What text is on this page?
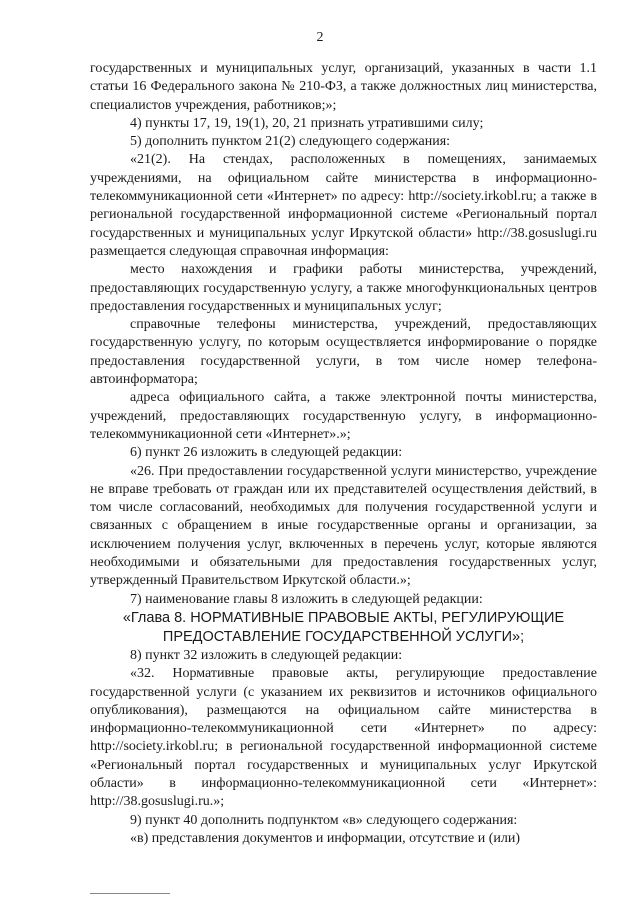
2

государственных и муниципальных услуг, организаций, указанных в части 1.1 статьи 16 Федерального закона № 210-ФЗ, а также должностных лиц министерства, специалистов учреждения, работников;»;

4) пункты 17, 19, 19(1), 20, 21 признать утратившими силу;

5) дополнить пунктом 21(2) следующего содержания:

«21(2). На стендах, расположенных в помещениях, занимаемых учреждениями, на официальном сайте министерства в информационно-телекоммуникационной сети «Интернет» по адресу: http://society.irkobl.ru; а также в региональной государственной информационной системе «Региональный портал государственных и муниципальных услуг Иркутской области» http://38.gosuslugi.ru размещается следующая справочная информация:

место нахождения и графики работы министерства, учреждений, предоставляющих государственную услугу, а также многофункциональных центров предоставления государственных и муниципальных услуг;

справочные телефоны министерства, учреждений, предоставляющих государственную услугу, по которым осуществляется информирование о порядке предоставления государственной услуги, в том числе номер телефона-автоинформатора;

адреса официального сайта, а также электронной почты министерства, учреждений, предоставляющих государственную услугу, в информационно-телекоммуникационной сети «Интернет».»;

6) пункт 26 изложить в следующей редакции:

«26. При предоставлении государственной услуги министерство, учреждение не вправе требовать от граждан или их представителей осуществления действий, в том числе согласований, необходимых для получения государственной услуги и связанных с обращением в иные государственные органы и организации, за исключением получения услуг, включенных в перечень услуг, которые являются необходимыми и обязательными для предоставления государственных услуг, утвержденный Правительством Иркутской области.»;

7) наименование главы 8 изложить в следующей редакции:

«Глава 8. НОРМАТИВНЫЕ ПРАВОВЫЕ АКТЫ, РЕГУЛИРУЮЩИЕ ПРЕДОСТАВЛЕНИЕ ГОСУДАРСТВЕННОЙ УСЛУГИ»;

8) пункт 32 изложить в следующей редакции:

«32. Нормативные правовые акты, регулирующие предоставление государственной услуги (с указанием их реквизитов и источников официального опубликования), размещаются на официальном сайте министерства в информационно-телекоммуникационной сети «Интернет» по адресу: http://society.irkobl.ru; в региональной государственной информационной системе «Региональный портал государственных и муниципальных услуг Иркутской области» в информационно-телекоммуникационной сети «Интернет»: http://38.gosuslugi.ru.»;

9) пункт 40 дополнить подпунктом «в» следующего содержания:

«в) представления документов и информации, отсутствие и (или)
